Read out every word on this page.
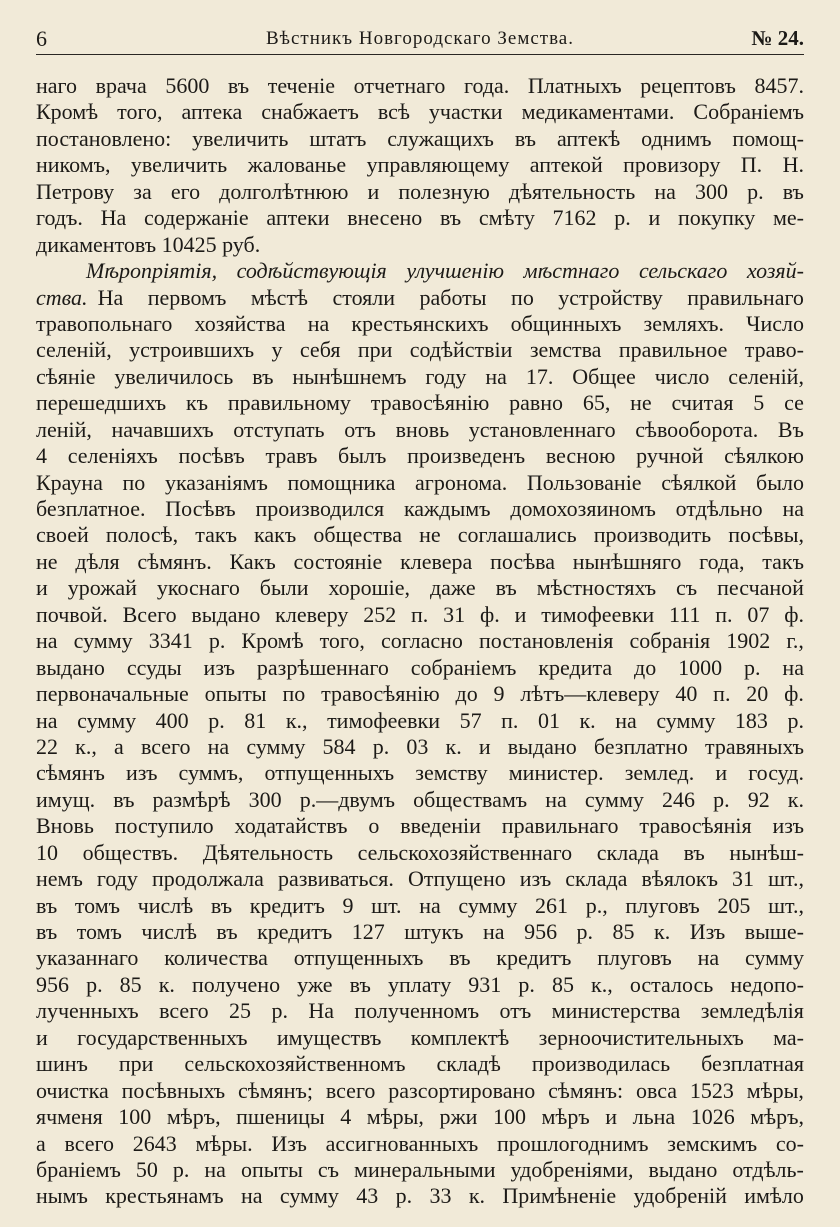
6	Вѣстникъ Новгородскаго Земства.	№ 24.
наго врача 5600 въ теченіе отчетнаго года. Платныхъ рецептовъ 8457.
Кромѣ того, аптека снабжаетъ всѣ участки медикаментами. Собраніемъ
постановлено: увеличить штатъ служащихъ въ аптекѣ однимъ помощ-
никомъ, увеличить жалованье управляющему аптекой провизору П. Н.
Петрову за его долголѣтнюю и полезную дѣятельность на 300 р. въ
годъ. На содержаніе аптеки внесено въ смѣту 7162 р. и покупку ме-
дикаментовъ 10425 руб.
Мѣропріятія, содѣйствующія улучшенію мѣстнаго сельскаго хозяй-
ства. На первомъ мѣстѣ стояли работы по устройству правильнаго
травопольнаго хозяйства на крестьянскихъ общинныхъ земляхъ. Число
селеній, устроившихъ у себя при содѣйствіи земства правильное траво-
сѣяніе увеличилось въ нынѣшнемъ году на 17. Общее число селеній,
перешедшихъ къ правильному травосѣянію равно 65, не считая 5 се
леній, начавшихъ отступать отъ вновь установленнаго сѣвооборота. Въ
4 селеніяхъ посѣвъ травъ былъ произведенъ весною ручной сѣялкою
Крауна по указаніямъ помощника агронома. Пользованіе сѣялкой было
безплатное. Посѣвъ производился каждымъ домохозяиномъ отдѣльно на
своей полосѣ, такъ какъ общества не соглашались производить посѣвы,
не дѣля сѣмянъ. Какъ состояніе клевера посѣва нынѣшняго года, такъ
и урожай укоснаго были хорошіе, даже въ мѣстностяхъ съ песчаной
почвой. Всего выдано клеверу 252 п. 31 ф. и тимофеевки 111 п. 07 ф.
на сумму 3341 р. Кромѣ того, согласно постановленія собранія 1902 г.,
выдано ссуды изъ разрѣшеннаго собраніемъ кредита до 1000 р. на
первоначальные опыты по травосѣянію до 9 лѣтъ—клеверу 40 п. 20 ф.
на сумму 400 р. 81 к., тимофеевки 57 п. 01 к. на сумму 183 р.
22 к., а всего на сумму 584 р. 03 к. и выдано безплатно травяныхъ
сѣмянъ изъ суммъ, отпущенныхъ земству министер. землед. и госуд.
имущ. въ размѣрѣ 300 р.—двумъ обществамъ на сумму 246 р. 92 к.
Вновь поступило ходатайствъ о введеніи правильнаго травосѣянія изъ
10 обществъ. Дѣятельность сельскохозяйственнаго склада въ нынѣш-
немъ году продолжала развиваться. Отпущено изъ склада вѣялокъ 31 шт.,
въ томъ числѣ въ кредитъ 9 шт. на сумму 261 р., плуговъ 205 шт.,
въ томъ числѣ въ кредитъ 127 штукъ на 956 р. 85 к. Изъ выше-
указаннаго количества отпущенныхъ въ кредитъ плуговъ на сумму
956 р. 85 к. получено уже въ уплату 931 р. 85 к., осталось недопо-
лученныхъ всего 25 р. На полученномъ отъ министерства земледѣлія
и государственныхъ имуществъ комплектѣ зерноочистительныхъ ма-
шинъ при сельскохозяйственномъ складѣ производилась безплатная
очистка посѣвныхъ сѣмянъ; всего разсортировано сѣмянъ: овса 1523 мѣры,
ячменя 100 мѣръ, пшеницы 4 мѣры, ржи 100 мѣръ и льна 1026 мѣръ,
а всего 2643 мѣры. Изъ ассигнованныхъ прошлогоднимъ земскимъ со-
браніемъ 50 р. на опыты съ минеральными удобреніями, выдано отдѣль-
нымъ крестьянамъ на сумму 43 р. 33 к. Примѣненіе удобреній имѣло
